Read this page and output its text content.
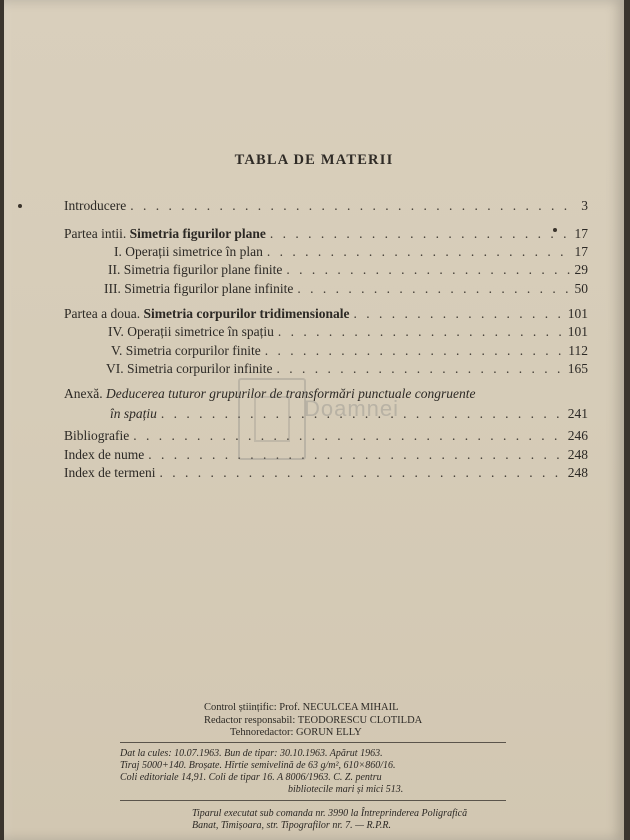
TABLA DE MATERII
Introducere . . .	3
Partea intii. Simetria figurilor plane . . .	17
I. Operații simetrice în plan . . .	17
II. Simetria figurilor plane finite . . .	29
III. Simetria figurilor plane infinite . . .	50
Partea a doua. Simetria corpurilor tridimensionale . . .	101
IV. Operații simetrice în spațiu . . .	101
V. Simetria corpurilor finite . . .	112
VI. Simetria corpurilor infinite . . .	165
Anexă. Deducerea tuturor grupurilor de transformări punctuale congruente
în spațiu . . .	241
Bibliografie . . .	246
Index de nume . . .	248
Index de termeni . . .	248
Doamnei
Control științific: Prof. NECULCEA MIHAIL
Redactor responsabil: TEODORESCU CLOTILDA
Tehnoredactor: GORUN ELLY
Dat la cules: 10.07.1963. Bun de tipar: 30.10.1963. Apărut 1963.
Tiraj 5000+140. Broșate. Hîrtie semivelină de 63 g/m², 610×860/16.
Coli editoriale 14,91. Coli de tipar 16. A 8006/1963. C. Z. pentru
bibliotecile mari și mici 513.
Tiparul executat sub comanda nr. 3990 la Întreprinderea Poligrafică
Banat, Timișoara, str. Tipografilor nr. 7. — R.P.R.
